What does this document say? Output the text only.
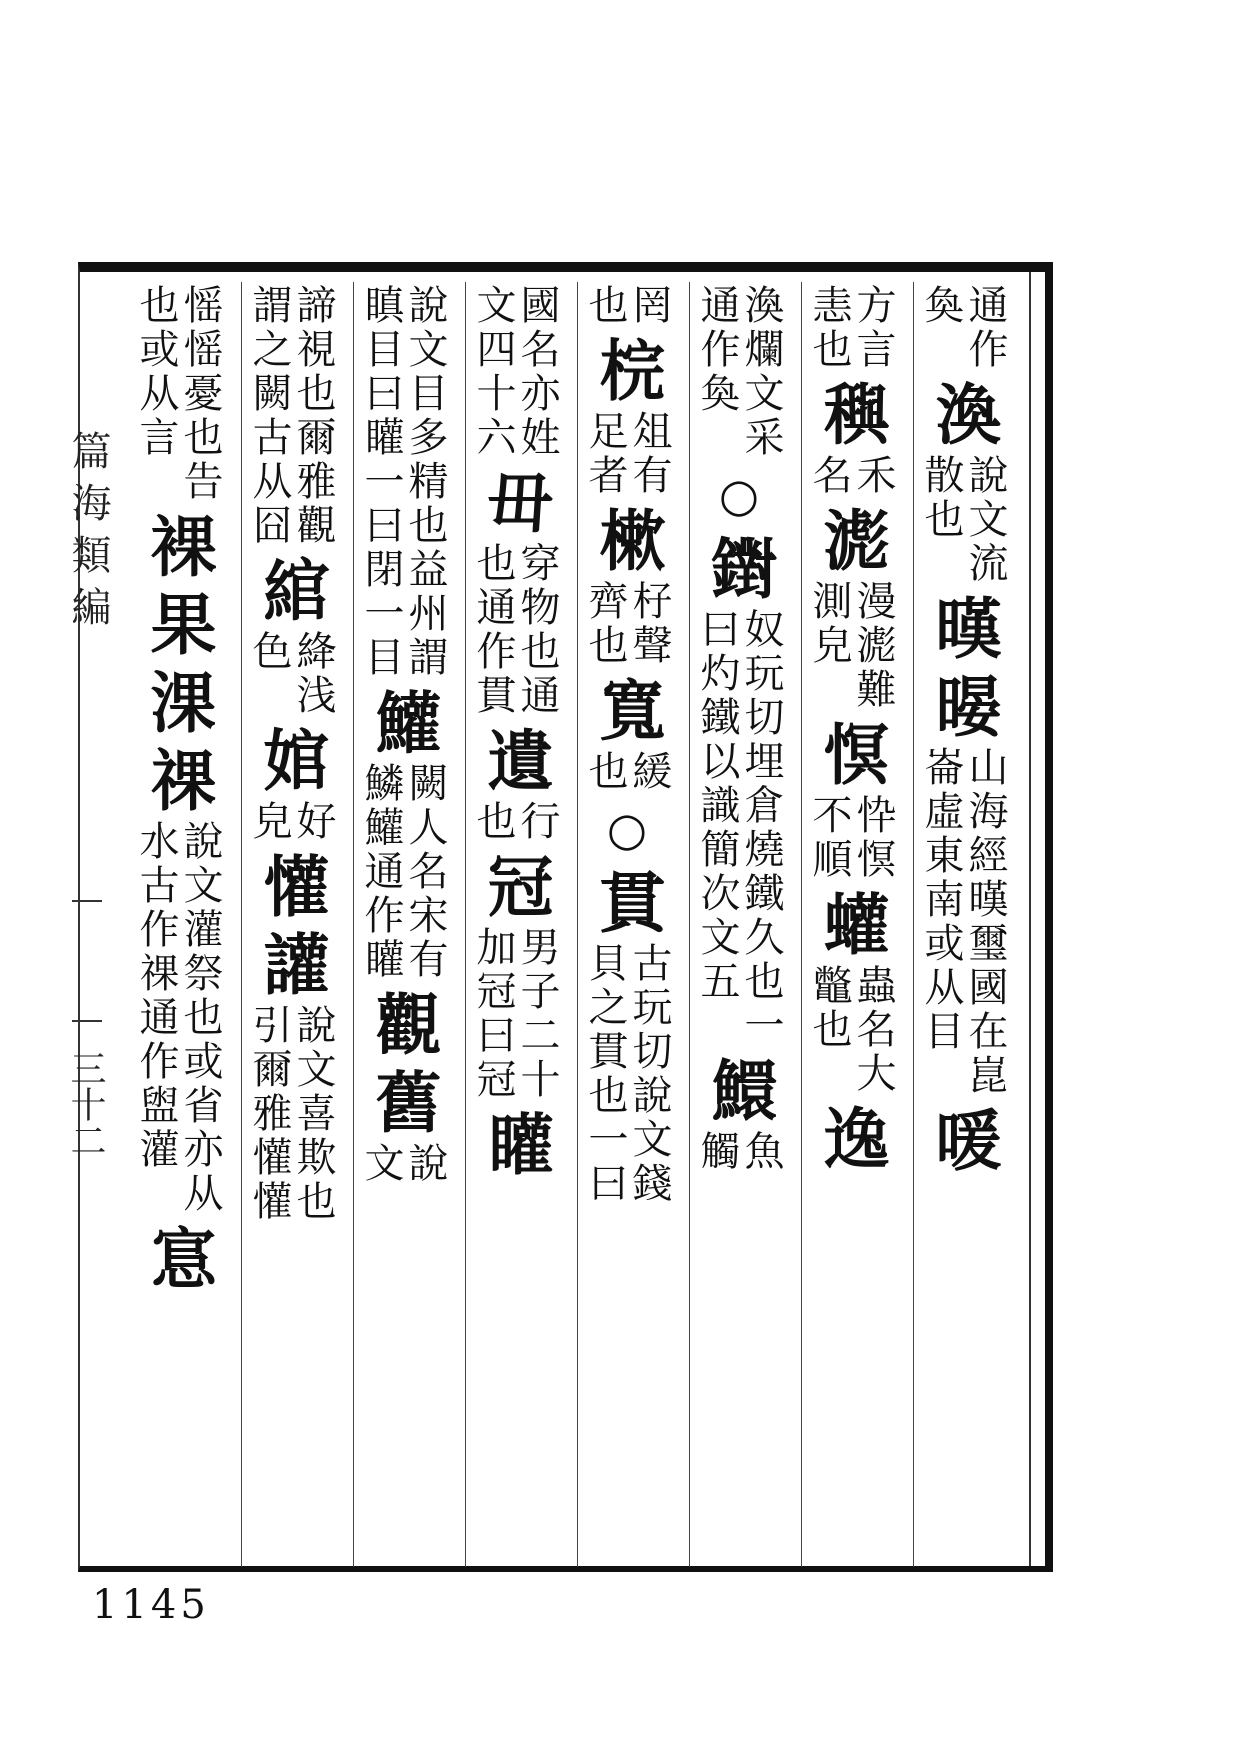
通作
奐
渙
說文流
散也
暵
暥
山海經暵璽國在崑
崙虛東南或从目
喛
方言
恚也
穥
禾
名
滮
漫滮難
測皃
慏
忰慏
不順
蠸
蟲名大
鼈也
逸
渙爛文采
通作奐
○
鑆
奴玩切埋倉燒鐵久也一
曰灼鐵以識簡次文五
鱞
魚
觸
罔
也
梡
俎有
足者
樕
杍聲
齊也
寬
緩
也
○
貫
古玩切說文錢
貝之貫也一曰
國名亦姓
文四十六
毌
穿物也通
也通作貫
遺
行
也
冠
男子二十
加冠曰冠
矔
說文目多精也益州謂
瞋目曰矔一曰閉一目
鱹
闕人名宋有
鱗鱹通作矔
觀
舊
說
文
諦視也爾雅觀
謂之闕古从囧
綰
絳浅
色
婠
好
皃
懽
讙
說文喜欺也
引爾雅懽懽
愮愮憂也告
也或从言
裸
果
淉
祼
說文灌祭也或省亦从
水古作祼通作盥灌
悹
篇海類編
三十二
1145
